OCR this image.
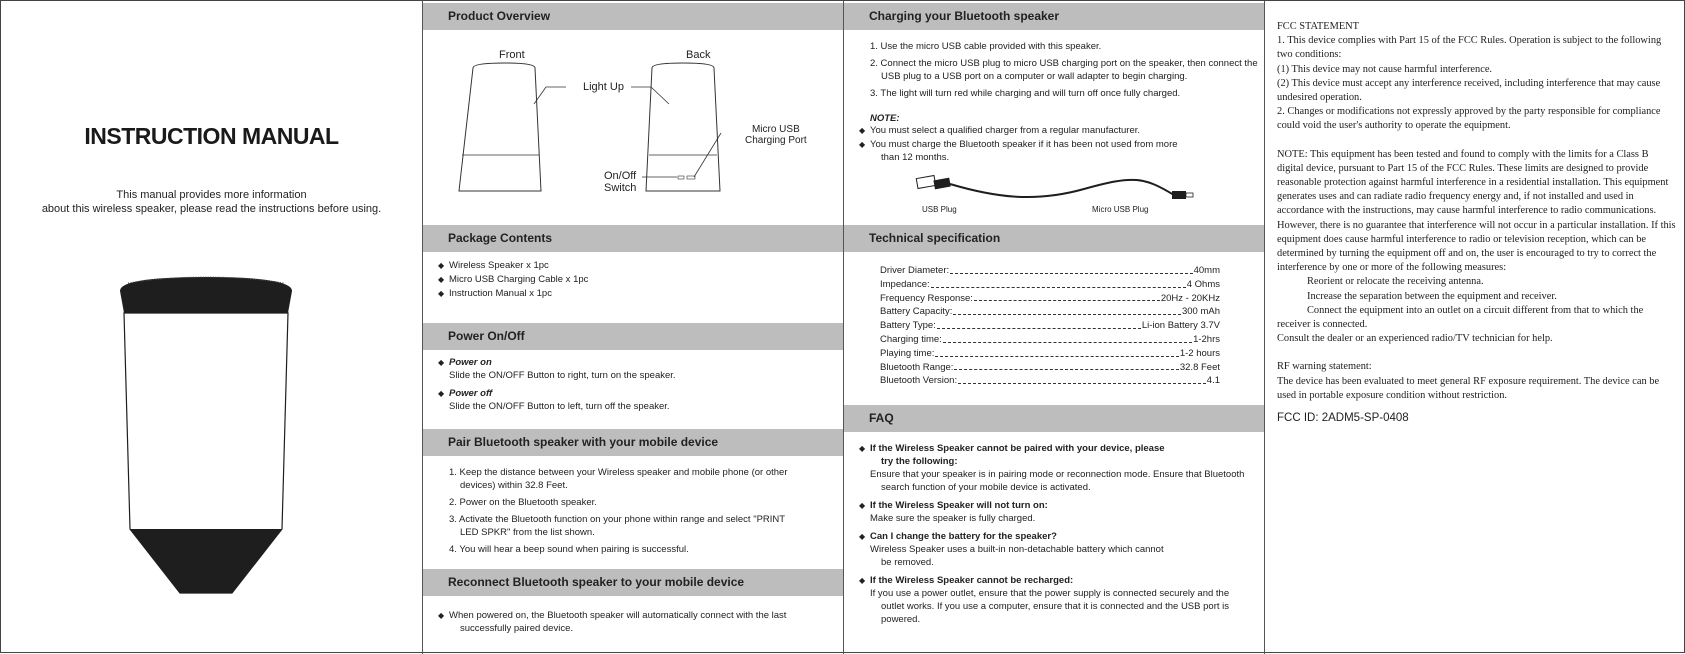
INSTRUCTION MANUAL
This manual provides more information
about this wireless speaker, please read the instructions before using.
Product Overview
Front	Back
Light Up
Micro USB
Charging Port
On/Off
Switch
Package Contents
◆ Wireless Speaker x 1pc
◆ Micro USB Charging Cable x 1pc
◆ Instruction Manual x 1pc
Power On/Off
◆ Power on
Slide the ON/OFF Button to right, turn on the speaker.
◆ Power off
Slide the ON/OFF Button to left, turn off the speaker.
Pair Bluetooth speaker with your mobile device
1. Keep the distance between your Wireless speaker and mobile phone (or other devices) within 32.8 Feet.
2. Power on the Bluetooth speaker.
3. Activate the Bluetooth function on your phone within range and select "PRINT LED SPKR" from the list shown.
4. You will hear a beep sound when pairing is successful.
Reconnect Bluetooth speaker to your mobile device
◆ When powered on, the Bluetooth speaker will automatically connect with the last successfully paired device.
Charging your Bluetooth speaker
1. Use the micro USB cable provided with this speaker.
2. Connect the micro USB plug to micro USB charging port on the speaker, then connect the USB plug to a USB port on a computer or wall adapter to begin charging.
3. The light will turn red while charging and will turn off once fully charged.
NOTE:
◆ You must select a qualified charger from a regular manufacturer.
◆ You must charge the Bluetooth speaker if it has been not used from more than 12 months.
USB Plug	Micro USB Plug
Technical specification
Driver Diameter:	40mm
Impedance:	4 Ohms
Frequency Response:	20Hz - 20KHz
Battery Capacity:	300 mAh
Battery Type:	Li-ion Battery 3.7V
Charging time:	1-2hrs
Playing time:	1-2 hours
Bluetooth Range:	32.8 Feet
Bluetooth Version:	4.1
FAQ
◆ If the Wireless Speaker cannot be paired with your device, please try the following:
Ensure that your speaker is in pairing mode or reconnection mode. Ensure that Bluetooth search function of your mobile device is activated.
◆ If the Wireless Speaker will not turn on:
Make sure the speaker is fully charged.
◆ Can I change the battery for the speaker?
Wireless Speaker uses a built-in non-detachable battery which cannot be removed.
◆ If the Wireless Speaker cannot be recharged:
If you use a power outlet, ensure that the power supply is connected securely and the outlet works. If you use a computer, ensure that it is connected and the USB port is powered.

FCC STATEMENT

1. This device complies with Part 15 of the FCC Rules. Operation is subject to the following two conditions:

(1) This device may not cause harmful interference.

(2) This device must accept any interference received, including interference that may cause undesired operation.

2. Changes or modifications not expressly approved by the party responsible for compliance could void the user's authority to operate the equipment.

NOTE: This equipment has been tested and found to comply with the limits for a Class B digital device, pursuant to Part 15 of the FCC Rules. These limits are designed to provide reasonable protection against harmful interference in a residential installation. This equipment generates uses and can radiate radio frequency energy and, if not installed and used in accordance with the instructions, may cause harmful interference to radio communications. However, there is no guarantee that interference will not occur in a particular installation. If this equipment does cause harmful interference to radio or television reception, which can be determined by turning the equipment off and on, the user is encouraged to try to correct the interference by one or more of the following measures:

Reorient or relocate the receiving antenna.

Increase the separation between the equipment and receiver.

Connect the equipment into an outlet on a circuit different from that to which the receiver is connected.

Consult the dealer or an experienced radio/TV technician for help.

RF warning statement:

The device has been evaluated to meet general RF exposure requirement. The device can be used in portable exposure condition without restriction.

FCC ID: 2ADM5-SP-0408
